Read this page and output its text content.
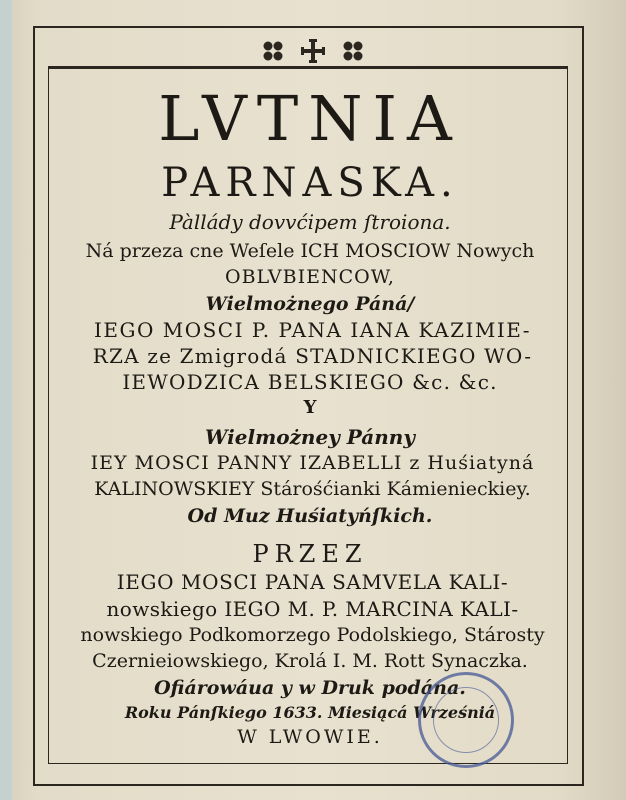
LVTNIA
PARNASKA.
Pàllády dovvćipem ſtroiona.
Ná przeza cne Weſele ICH MOSCIOW Nowych
OBLVBIENCOW,
Wielmożnego Páná/
IEGO MOSCI P. PANA IANA KAZIMIE-
RZA ze Zmigrodá STADNICKIEGO WO-
IEWODZICA BELSKIEGO &c. &c.
Y
Wielmożney Pánny
IEY MOSCI PANNY IZABELLI z Huśiatyná
KALINOWSKIEY Stárośćianki Kámienieckiey.
Od Muz Huśiatyńſkich.
PRZEZ
IEGO MOSCI PANA SAMVELA KALI-
nowskiego IEGO M. P. MARCINA KALI-
nowskiego Podkomorzego Podolskiego, Stárosty
Czernieiowskiego, Krolá I. M. Rott Synaczka.
Ofiárowáua y w Druk podána.
Roku Pánſkiego 1633. Miesiącá Wrześniá
W LWOWIE.
